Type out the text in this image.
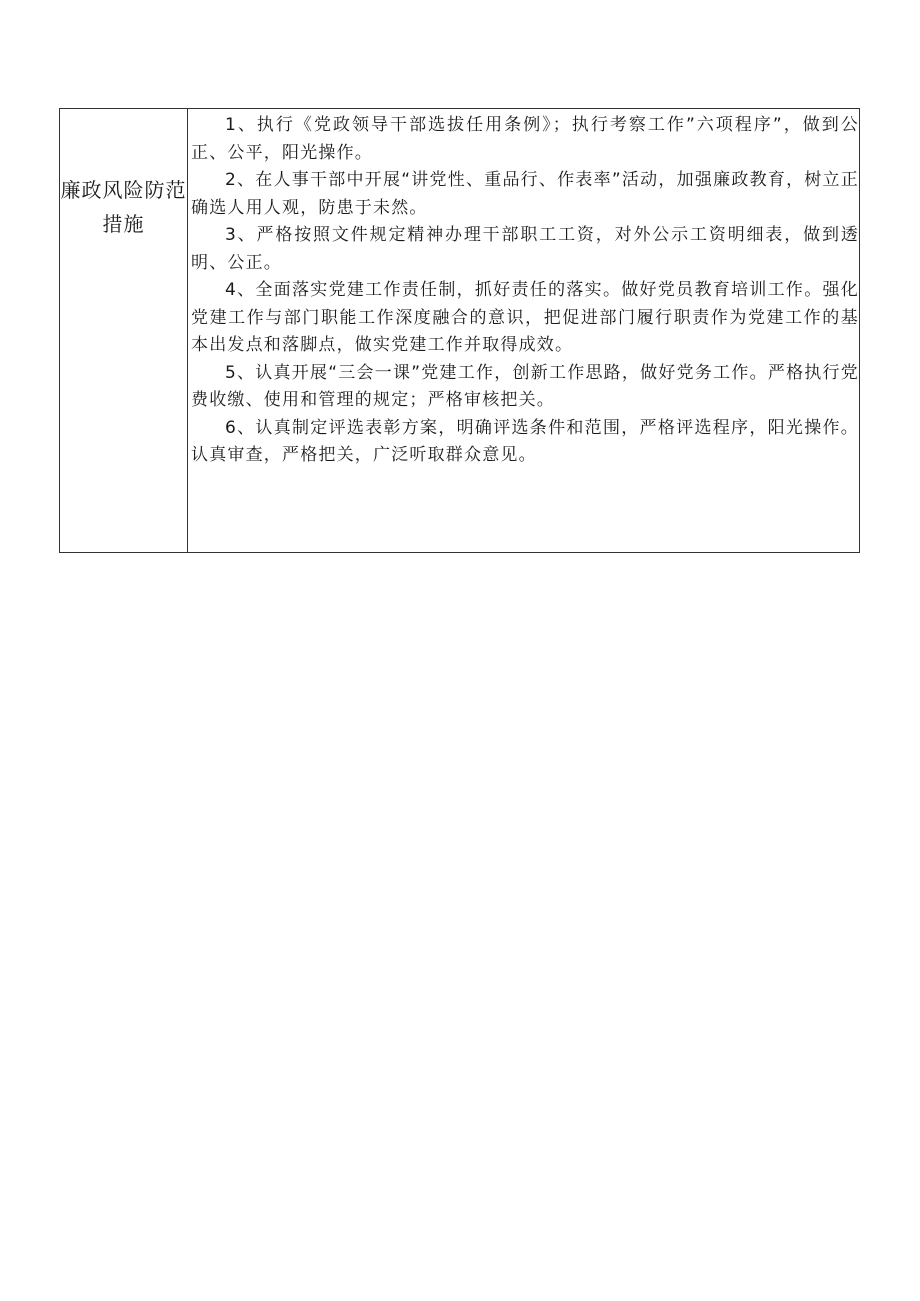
廉政风险防范措施

1、执行《党政领导干部选拔任用条例》；执行考察工作”六项程序”，做到公正、公平，阳光操作。

2、在人事干部中开展“讲党性、重品行、作表率”活动，加强廉政教育，树立正确选人用人观，防患于未然。

3、严格按照文件规定精神办理干部职工工资，对外公示工资明细表，做到透明、公正。

4、全面落实党建工作责任制，抓好责任的落实。做好党员教育培训工作。强化党建工作与部门职能工作深度融合的意识，把促进部门履行职责作为党建工作的基本出发点和落脚点，做实党建工作并取得成效。

5、认真开展“三会一课”党建工作，创新工作思路，做好党务工作。严格执行党费收缴、使用和管理的规定；严格审核把关。

6、认真制定评选表彰方案，明确评选条件和范围，严格评选程序，阳光操作。认真审查，严格把关，广泛听取群众意见。
